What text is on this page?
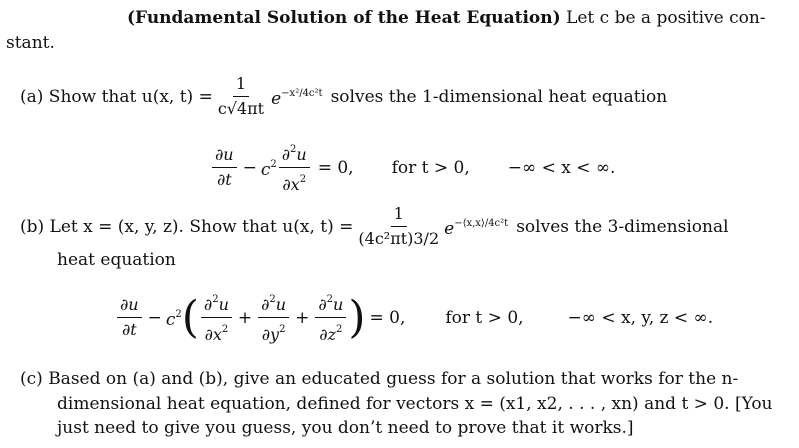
(Fundamental Solution of the Heat Equation) Let c be a positive con-
stant.
(a) Show that u(x, $t) = \frac{1}{c√4\pi t} e^{-x^2/4c^2t}$ solves the 1-dimensional heat equation
$\frac{\partial u}{\partial t} - c^2 \frac{\partial^2u}{\partial x^2} = 0$, for t > 0, −∞ < x < ∞.
(b) Let x = (x, y, z). Show that u(x, $t) = \frac{1}{\text{(4c²πt)3/2}} e^{-⟨x,x⟩/4c^2t}$ solves the 3-dimensional
heat equation
$\frac{\partial u}{\partial t} - c^2$ ( $\frac{\partial^2u}{\partial x^2} + \frac{\partial^2u}{\partial y^2} + \frac{\partial^2u}{\partial z^2}$ ) = 0, for t > 0,	−∞ < x, y, z < ∞.
(c) Based on (a) and (b), give an educated guess for a solution that works for the n-
dimensional heat equation, defined for vectors x = (x1, x2, . . . , xn) and t > 0. [You
just need to give you guess, you don’t need to prove that it works.]
